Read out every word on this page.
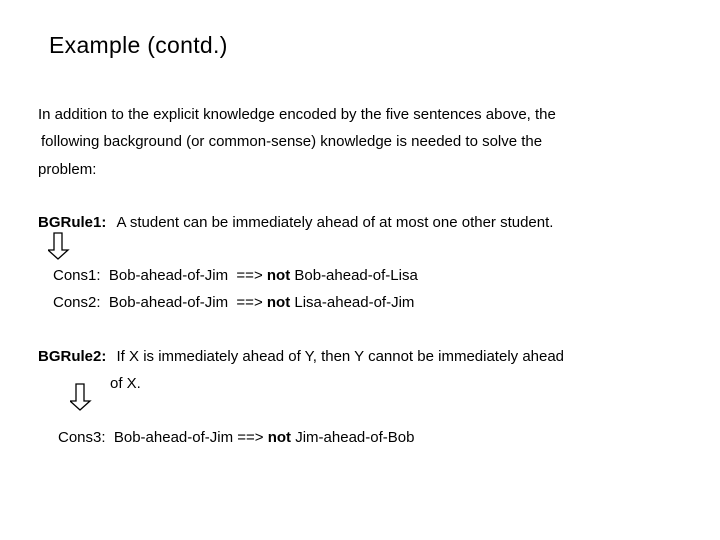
Example (contd.)
In addition to the explicit knowledge encoded by the five sentences above, the
following background (or common-sense) knowledge is needed to solve the
problem:
BGRule1: A student can be immediately ahead of at most one other student.
Cons1:  Bob-ahead-of-Jim  ==> not Bob-ahead-of-Lisa
Cons2:  Bob-ahead-of-Jim  ==> not Lisa-ahead-of-Jim
BGRule2: If X is immediately ahead of Y, then Y cannot be immediately ahead
of X.
Cons3:  Bob-ahead-of-Jim ==> not Jim-ahead-of-Bob
